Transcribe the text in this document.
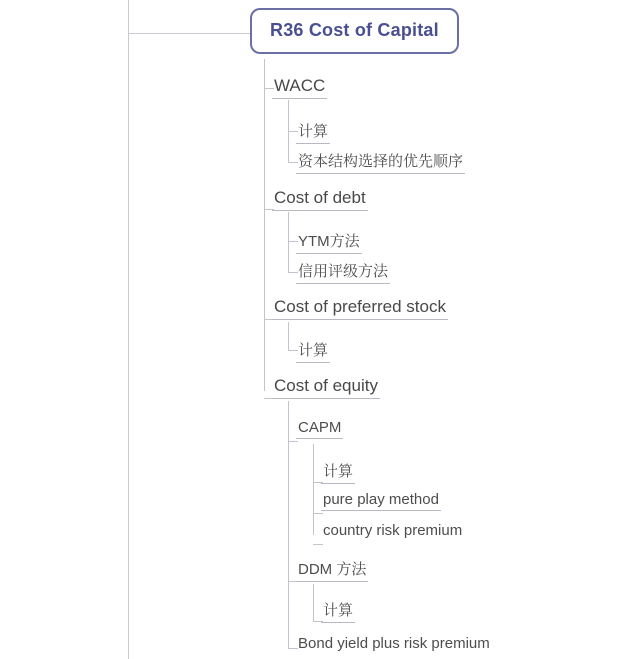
R36 Cost of Capital
WACC
计算
资本结构选择的优先顺序
Cost of debt
YTM方法
信用评级方法
Cost of preferred stock
计算
Cost of equity
CAPM
计算
pure play method
country risk premium
DDM 方法
计算
Bond yield plus risk premium
